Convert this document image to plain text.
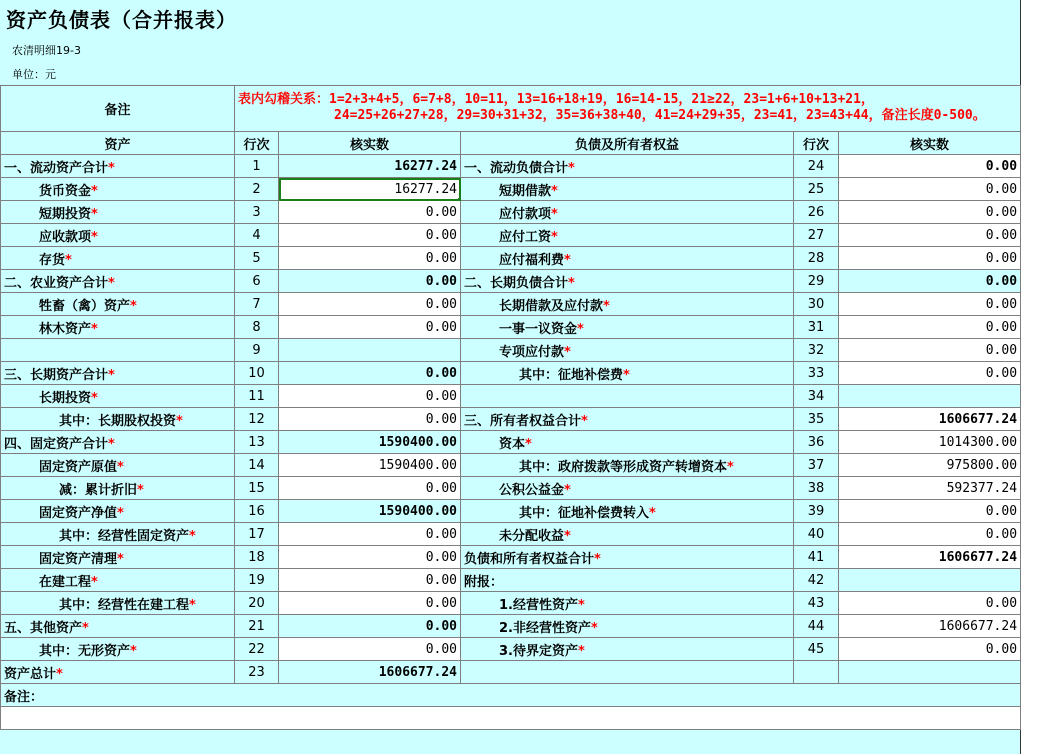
资产负债表（合并报表）
农清明细19-3
单位：元
备注	表内勾稽关系：1=2+3+4+5，6=7+8，10=11，13=16+18+19，16=14-15，21≥22，23=1+6+10+13+21，
24=25+26+27+28，29=30+31+32，35=36+38+40，41=24+29+35，23=41，23=43+44，备注长度0-500。				

资产	行次	核实数	负债及所有者权益	行次	核实数
一、流动资产合计*	1	16277.24	一、流动负债合计*	24	0.00
货币资金*	2	16277.24	短期借款*	25	0.00
短期投资*	3	0.00	应付款项*	26	0.00
应收款项*	4	0.00	应付工资*	27	0.00
存货*	5	0.00	应付福利费*	28	0.00
二、农业资产合计*	6	0.00	二、长期负债合计*	29	0.00
牲畜（禽）资产*	7	0.00	长期借款及应付款*	30	0.00
林木资产*	8	0.00	一事一议资金*	31	0.00
	9		专项应付款*	32	0.00
三、长期资产合计*	10	0.00	其中：征地补偿费*	33	0.00
长期投资*	11	0.00		34	
其中：长期股权投资*	12	0.00	三、所有者权益合计*	35	1606677.24
四、固定资产合计*	13	1590400.00	资本*	36	1014300.00
固定资产原值*	14	1590400.00	其中：政府拨款等形成资产转增资本*	37	975800.00
减：累计折旧*	15	0.00	公积公益金*	38	592377.24
固定资产净值*	16	1590400.00	其中：征地补偿费转入*	39	0.00
其中：经营性固定资产*	17	0.00	未分配收益*	40	0.00
固定资产清理*	18	0.00	负债和所有者权益合计*	41	1606677.24
在建工程*	19	0.00	附报：	42	
其中：经营性在建工程*	20	0.00	1.经营性资产*	43	0.00
五、其他资产*	21	0.00	2.非经营性资产*	44	1606677.24
其中：无形资产*	22	0.00	3.待界定资产*	45	0.00
资产总计*	23	1606677.24			
备注：					
